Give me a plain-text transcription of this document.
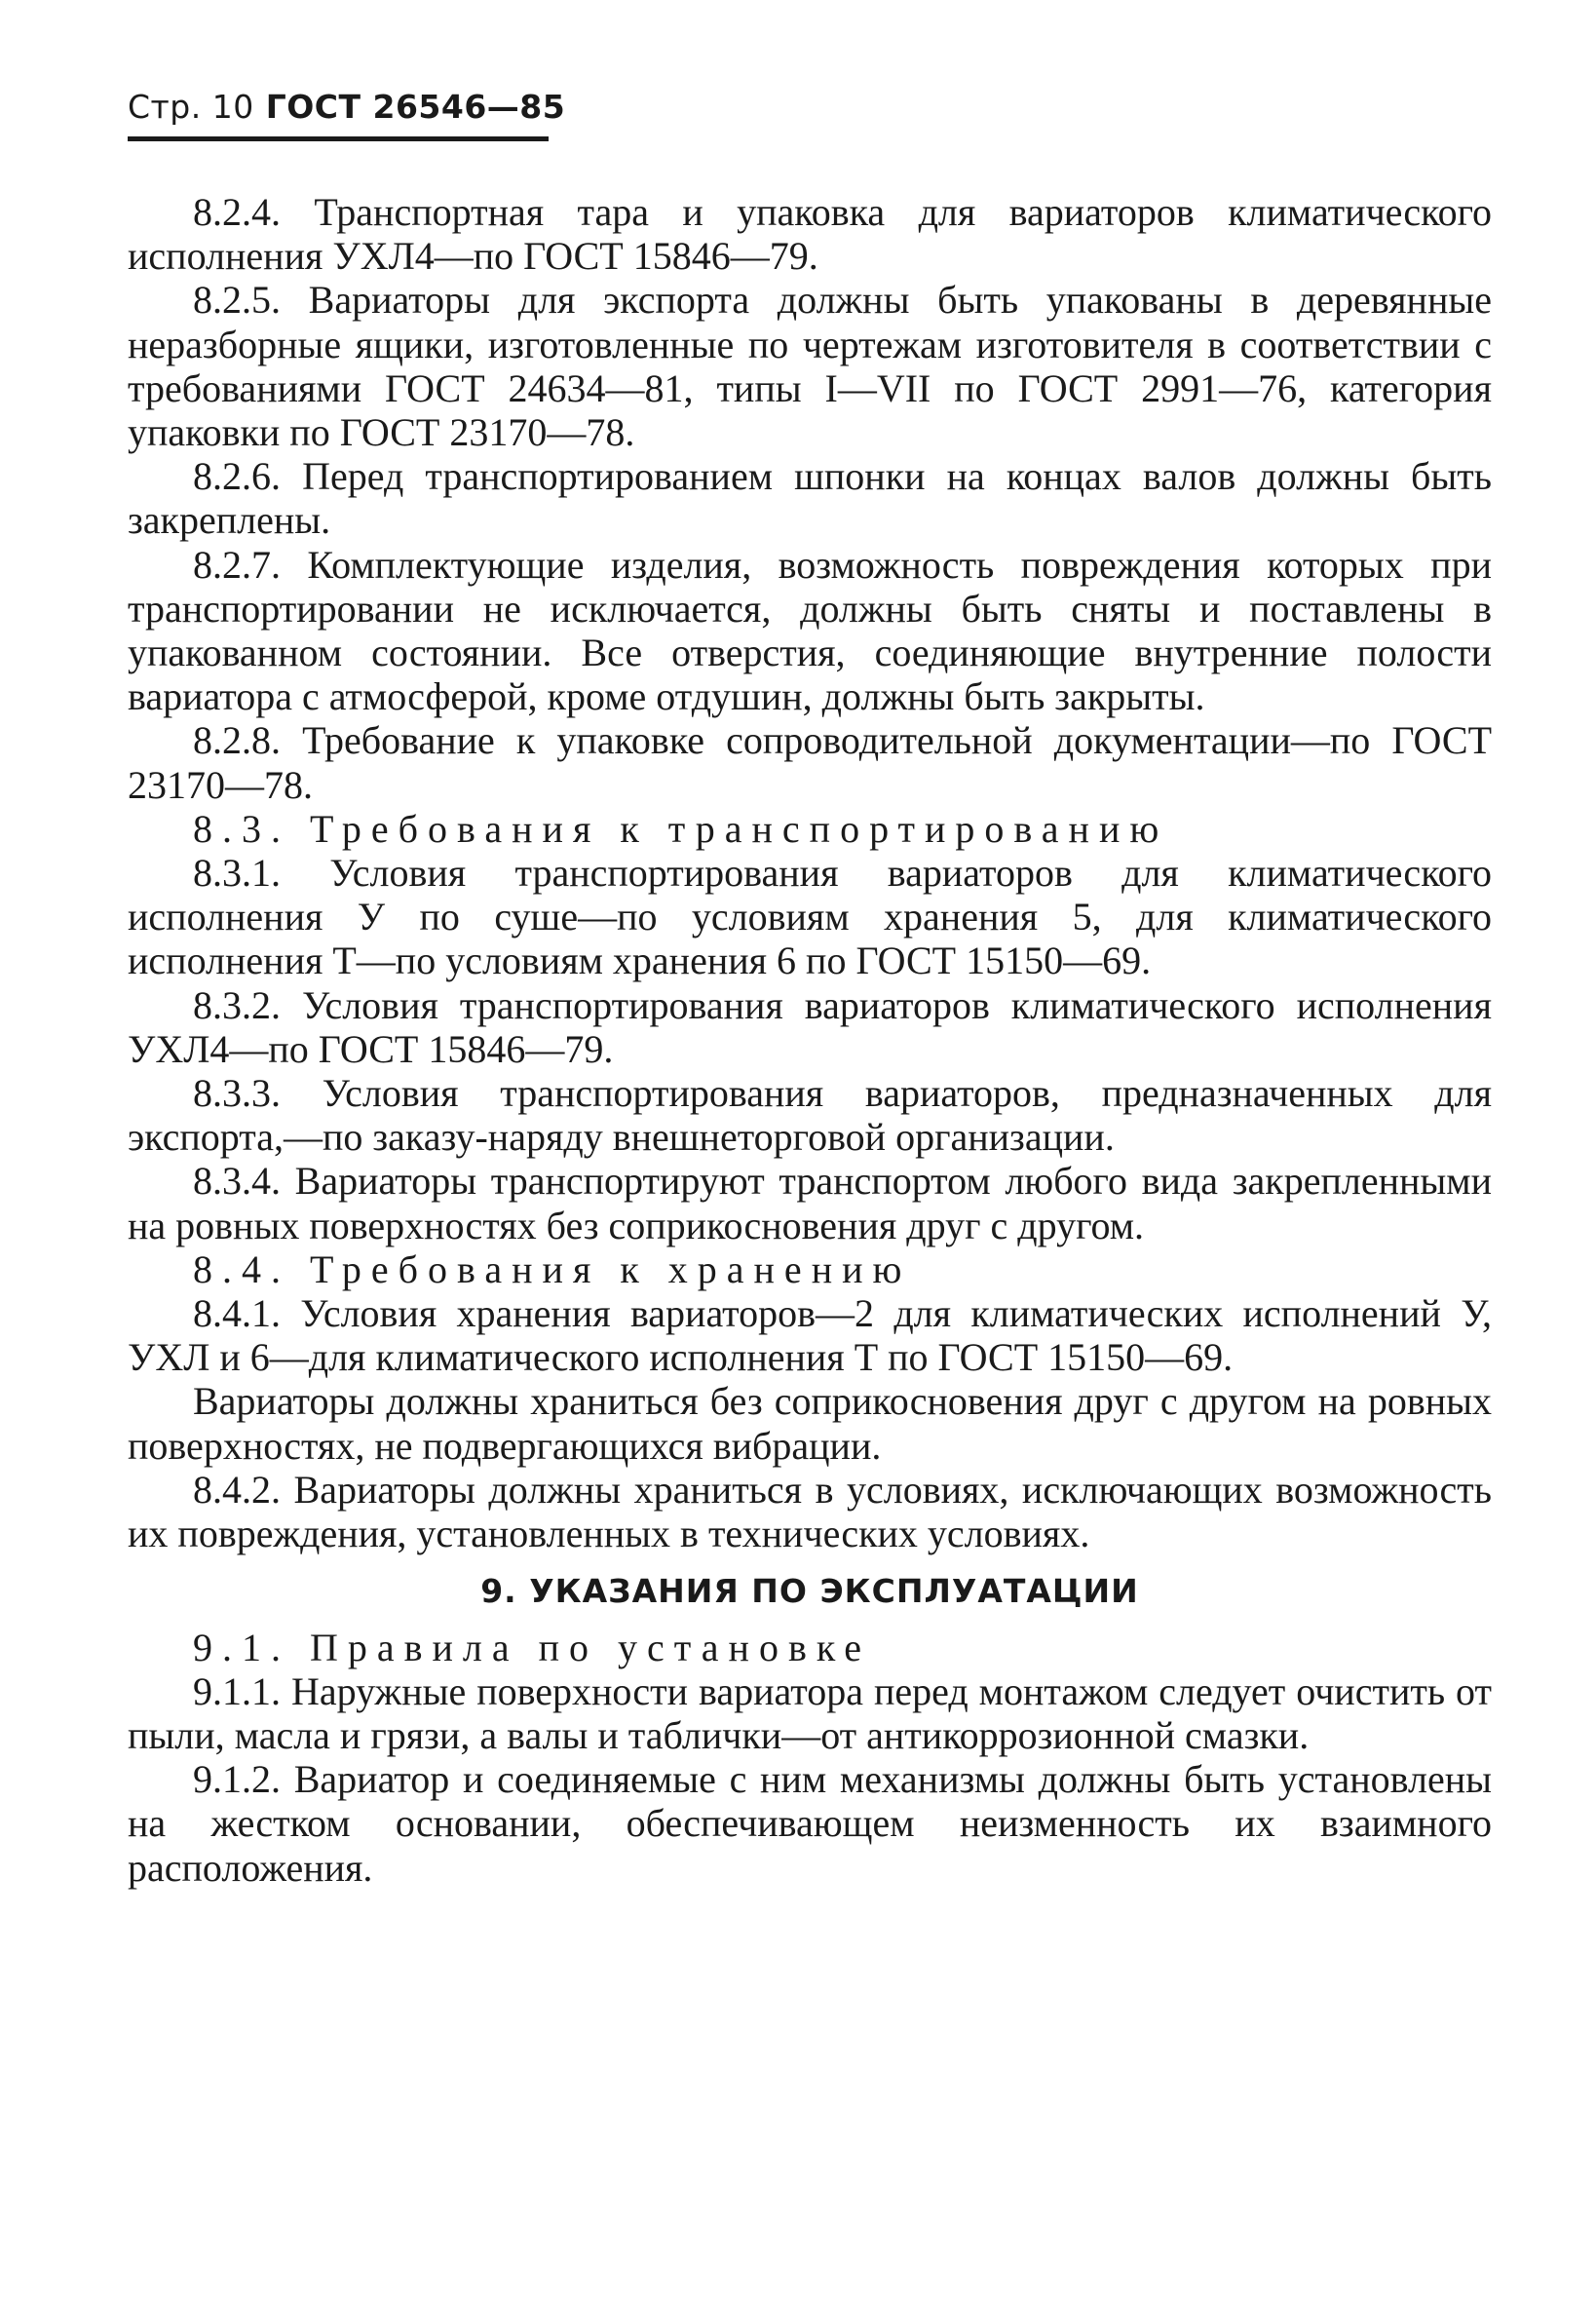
Стр. 10 ГОСТ 26546—85

8.2.4. Транспортная тара и упаковка для вариаторов климатического исполнения УХЛ4—по ГОСТ 15846—79.

8.2.5. Вариаторы для экспорта должны быть упакованы в деревянные неразборные ящики, изготовленные по чертежам изготовителя в соответствии с требованиями ГОСТ 24634—81, типы I—VII по ГОСТ 2991—76, категория упаковки по ГОСТ 23170—78.

8.2.6. Перед транспортированием шпонки на концах валов должны быть закреплены.

8.2.7. Комплектующие изделия, возможность повреждения которых при транспортировании не исключается, должны быть сняты и поставлены в упакованном состоянии. Все отверстия, соединяющие внутренние полости вариатора с атмосферой, кроме отдушин, должны быть закрыты.

8.2.8. Требование к упаковке сопроводительной документации—по ГОСТ 23170—78.

8.3. Требования к транспортированию

8.3.1. Условия транспортирования вариаторов для климатического исполнения У по суше—по условиям хранения 5, для климатического исполнения Т—по условиям хранения 6 по ГОСТ 15150—69.

8.3.2. Условия транспортирования вариаторов климатического исполнения УХЛ4—по ГОСТ 15846—79.

8.3.3. Условия транспортирования вариаторов, предназначенных для экспорта,—по заказу-наряду внешнеторговой организации.

8.3.4. Вариаторы транспортируют транспортом любого вида закрепленными на ровных поверхностях без соприкосновения друг с другом.

8.4. Требования к хранению

8.4.1. Условия хранения вариаторов—2 для климатических исполнений У, УХЛ и 6—для климатического исполнения Т по ГОСТ 15150—69.

Вариаторы должны храниться без соприкосновения друг с другом на ровных поверхностях, не подвергающихся вибрации.

8.4.2. Вариаторы должны храниться в условиях, исключающих возможность их повреждения, установленных в технических условиях.

9. УКАЗАНИЯ ПО ЭКСПЛУАТАЦИИ

9.1. Правила по установке

9.1.1. Наружные поверхности вариатора перед монтажом следует очистить от пыли, масла и грязи, а валы и таблички—от антикоррозионной смазки.

9.1.2. Вариатор и соединяемые с ним механизмы должны быть установлены на жестком основании, обеспечивающем неизменность их взаимного расположения.
